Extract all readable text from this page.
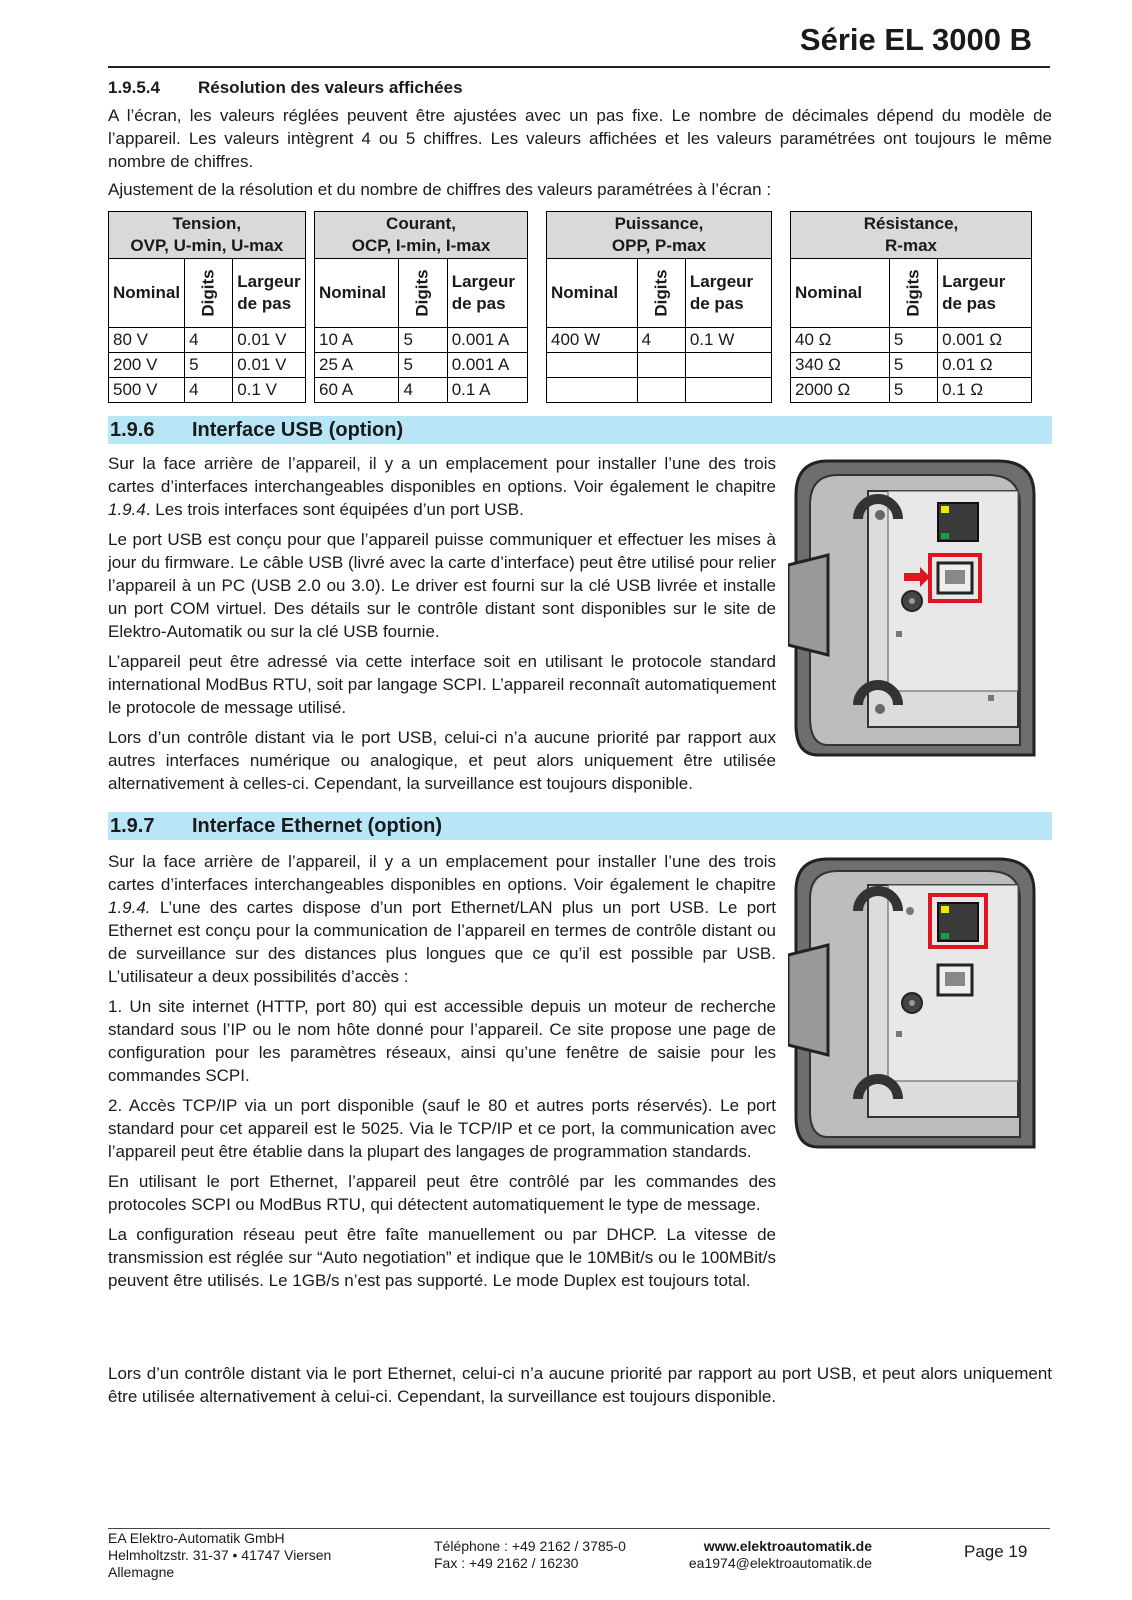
Série EL 3000 B
1.9.5.4 Résolution des valeurs affichées

A l’écran, les valeurs réglées peuvent être ajustées avec un pas fixe. Le nombre de décimales dépend du modèle de l’appareil. Les valeurs intègrent 4 ou 5 chiffres. Les valeurs affichées et les valeurs paramétrées ont toujours le même nombre de chiffres.

Ajustement de la résolution et du nombre de chiffres des valeurs paramétrées à l’écran :

Tension,
OVP, U-min, U-max		
Nominal	Digits	Largeur
de pas
80 V	4	0.01 V
200 V	5	0.01 V
500 V	4	0.1 V
Courant,
OCP, I-min, I-max		
Nominal	Digits	Largeur
de pas
10 A	5	0.001 A
25 A	5	0.001 A
60 A	4	0.1 A
Puissance,
OPP, P-max		
Nominal	Digits	Largeur
de pas
400 W	4	0.1 W

Résistance,
R-max		
Nominal	Digits	Largeur
de pas
40 Ω	5	0.001 Ω
340 Ω	5	0.01 Ω
2000 Ω	5	0.1 Ω
1.9.6 Interface USB (option)

Sur la face arrière de l’appareil, il y a un emplacement pour installer l’une des trois cartes d’interfaces interchangeables disponibles en options. Voir également le chapitre 1.9.4. Les trois interfaces sont équipées d’un port USB.

Le port USB est conçu pour que l’appareil puisse communiquer et effectuer les mises à jour du firmware. Le câble USB (livré avec la carte d’interface) peut être utilisé pour relier l’appareil à un PC (USB 2.0 ou 3.0). Le driver est fourni sur la clé USB livrée et installe un port COM virtuel. Des détails sur le contrôle distant sont disponibles sur le site de Elektro-Automatik ou sur la clé USB fournie.

L’appareil peut être adressé via cette interface soit en utilisant le protocole standard international ModBus RTU, soit par langage SCPI. L’appareil reconnaît automatiquement le protocole de message utilisé.

Lors d’un contrôle distant via le port USB, celui-ci n’a aucune priorité par rapport aux autres interfaces numérique ou analogique, et peut alors uniquement être utilisée alternativement à celles-ci. Cependant, la surveillance est toujours disponible.

1.9.7 Interface Ethernet (option)

Sur la face arrière de l’appareil, il y a un emplacement pour installer l’une des trois cartes d’interfaces interchangeables disponibles en options. Voir également le chapitre 1.9.4. L’une des cartes dispose d’un port Ethernet/LAN plus un port USB. Le port Ethernet est conçu pour la communication de l’appareil en termes de contrôle distant ou de surveillance sur des distances plus longues que ce qu’il est possible par USB. L’utilisateur a deux possibilités d’accès :

1. Un site internet (HTTP, port 80) qui est accessible depuis un moteur de recherche standard sous l’IP ou le nom hôte donné pour l’appareil. Ce site propose une page de configuration pour les paramètres réseaux, ainsi qu’une fenêtre de saisie pour les commandes SCPI.

2. Accès TCP/IP via un port disponible (sauf le 80 et autres ports réservés). Le port standard pour cet appareil est le 5025. Via le TCP/IP et ce port, la communication avec l’appareil peut être établie dans la plupart des langages de programmation standards.

En utilisant le port Ethernet, l’appareil peut être contrôlé par les commandes des protocoles SCPI ou ModBus RTU, qui détectent automatiquement le type de message.

La configuration réseau peut être faîte manuellement ou par DHCP. La vitesse de transmission est réglée sur “Auto negotiation” et indique que le 10MBit/s ou le 100MBit/s peuvent être utilisés. Le 1GB/s n’est pas supporté. Le mode Duplex est toujours total.

Lors d’un contrôle distant via le port Ethernet, celui-ci n’a aucune priorité par rapport au port USB, et peut alors uniquement être utilisée alternativement à celui-ci. Cependant, la surveillance est toujours disponible.

EA Elektro-Automatik GmbH
Helmholtzstr. 31-37 • 41747 Viersen
Allemagne
Téléphone : +49 2162 / 3785-0
Fax : +49 2162 / 16230
www.elektroautomatik.de
ea1974@elektroautomatik.de
Page 19
